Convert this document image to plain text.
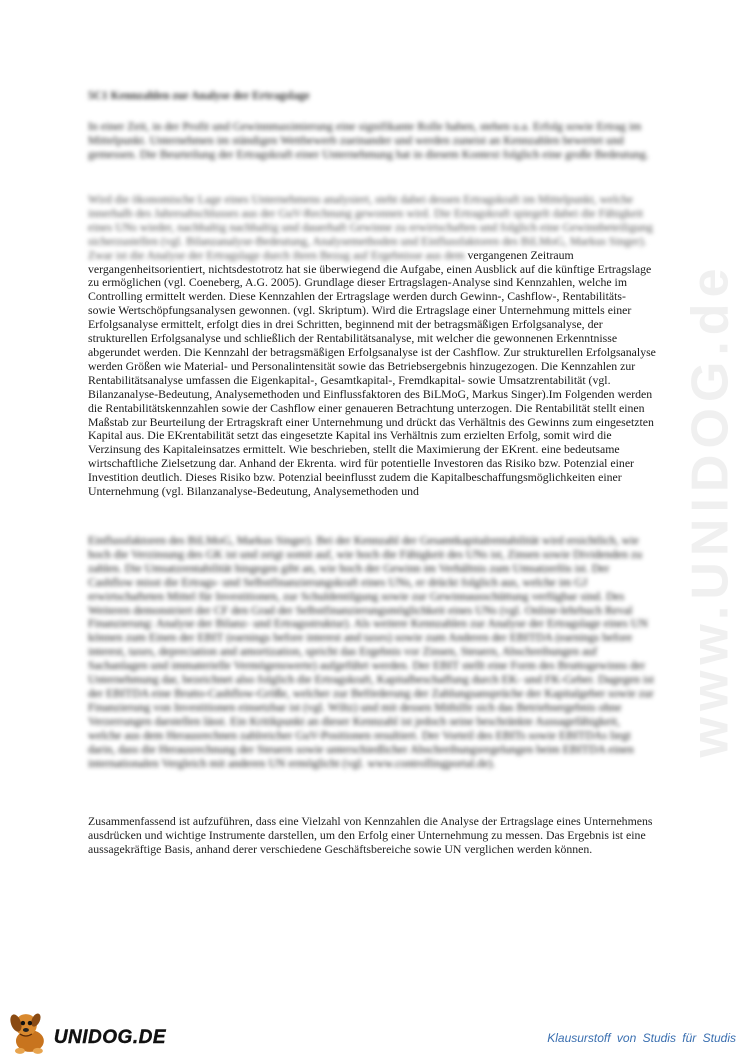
www.UNIDOG.de
5C1 Kennzahlen zur Analyse der Ertragslage

In einer Zeit, in der Profit und Gewinnmaximierung eine signifikante Rolle haben, stehen u.a. Erfolg sowie Ertrag im Mittelpunkt. Unternehmen im ständigen Wettbewerb zueinander und werden zuneist an Kennzahlen bewertet und gemessen. Die Beurteilung der Ertragskraft einer Unternehmung hat in diesem Kontext folglich eine große Bedeutung.

Wird die ökonomische Lage eines Unternehmens analysiert, steht dabei dessen Ertragskraft im Mittelpunkt, welche innerhalb des Jahresabschlusses aus der GuV-Rechnung gewonnen wird. Die Ertragskraft spiegelt dabei die Fähigkeit eines UNs wieder, nachhaltig nachhaltig und dauerhaft Gewinne zu erwirtschaften und folglich eine Gewinnbeteiligung sicherzustellen (vgl. Bilanzanalyse-Bedeutung, Analysemethoden und Einflussfaktoren des BiLMoG, Markus Singer). Zwar ist die Analyse der Ertragslage durch ihren Bezug auf Ergebnisse aus dem vergangenen Zeitraum vergangenheitsorientiert, nichtsdestotrotz hat sie überwiegend die Aufgabe, einen Ausblick auf die künftige Ertragslage zu ermöglichen (vgl. Coeneberg, A.G. 2005). Grundlage dieser Ertragslagen-Analyse sind Kennzahlen, welche im Controlling ermittelt werden. Diese Kennzahlen der Ertragslage werden durch Gewinn-, Cashflow-, Rentabilitäts- sowie Wertschöpfungsanalysen gewonnen. (vgl. Skriptum). Wird die Ertragslage einer Unternehmung mittels einer Erfolgsanalyse ermittelt, erfolgt dies in drei Schritten, beginnend mit der betragsmäßigen Erfolgsanalyse, der strukturellen Erfolgsanalyse und schließlich der Rentabilitätsanalyse, mit welcher die gewonnenen Erkenntnisse abgerundet werden. Die Kennzahl der betragsmäßigen Erfolgsanalyse ist der Cashflow. Zur strukturellen Erfolgsanalyse werden Größen wie Material- und Personalintensität sowie das Betriebsergebnis hinzugezogen. Die Kennzahlen zur Rentabilitätsanalyse umfassen die Eigenkapital-, Gesamtkapital-, Fremdkapital- sowie Umsatzrentabilität (vgl. Bilanzanalyse-Bedeutung, Analysemethoden und Einflussfaktoren des BiLMoG, Markus Singer).Im Folgenden werden die Rentabilitätskennzahlen sowie der Cashflow einer genaueren Betrachtung unterzogen. Die Rentabilität stellt einen Maßstab zur Beurteilung der Ertragskraft einer Unternehmung und drückt das Verhältnis des Gewinns zum eingesetzten Kapital aus. Die EKrentabilität setzt das eingesetzte Kapital ins Verhältnis zum erzielten Erfolg, somit wird die Verzinsung des Kapitaleinsatzes ermittelt. Wie beschrieben, stellt die Maximierung der EKrent. eine bedeutsame wirtschaftliche Zielsetzung dar. Anhand der Ekrenta. wird für potentielle Investoren das Risiko bzw. Potenzial einer Investition deutlich. Dieses Risiko bzw. Potenzial beeinflusst zudem die Kapitalbeschaffungsmöglichkeiten einer Unternehmung (vgl. Bilanzanalyse-Bedeutung, Analysemethoden und

Einflussfaktoren des BiLMoG, Markus Singer). Bei der Kennzahl der Gesamtkapitalrentabilität wird ersichtlich, wie hoch die Verzinsung des GK ist und zeigt somit auf, wie hoch die Fähigkeit des UNs ist, Zinsen sowie Dividenden zu zahlen. Die Umsatzrentabilität hingegen gibt an, wie hoch der Gewinn im Verhältnis zum Umsatzerlös ist. Der Cashflow misst die Ertrags- und Selbstfinanzierungskraft eines UNs, er drückt folglich aus, welche im GJ erwirtschafteten Mittel für Investitionen, zur Schuldentilgung sowie zur Gewinnausschüttung verfügbar sind. Des Weiteren demonstriert der CF den Grad der Selbstfinanzierungsmöglichkeit eines UNs (vgl. Online-lehrbuch Reval Finanzierung: Analyse der Bilanz- und Ertragsstruktur). Als weitere Kennzahlen zur Analyse der Ertragslage eines UN können zum Einen der EBIT (earnings before interest and taxes) sowie zum Anderen der EBITDA (earnings before interest, taxes, depreciation and amortization, spricht das Ergebnis vor Zinsen, Steuern, Abschreibungen auf Sachanlagen und immaterielle Vermögenswerte) aufgeführt werden. Der EBIT stellt eine Form des Bruttogewinns der Unternehmung dar, bezeichnet also folglich die Ertragskraft, Kapitalbeschaffung durch EK- und FK-Geber. Dagegen ist der EBITDA eine Brutto-Cashflow-Größe, welcher zur Beförderung der Zahlungsansprüche der Kapitalgeber sowie zur Finanzierung von Investitionen einsetzbar ist (vgl. Wiltz) und mit dessen Mithilfe sich das Betriebsergebnis ohne Verzerrungen darstellen lässt. Ein Kritikpunkt an dieser Kennzahl ist jedoch seine beschränkte Aussagefähigkeit, welche aus dem Herausrechnen zahlreicher GuV-Positionen resultiert. Der Vorteil des EBITs sowie EBITDAs liegt darin, dass die Herausrechnung der Steuern sowie unterschiedlicher Abschreibungsregelungen beim EBITDA einen internationalen Vergleich mit anderen UN ermöglicht (vgl. www.controllingportal.de).

Zusammenfassend ist aufzuführen, dass eine Vielzahl von Kennzahlen die Analyse der Ertragslage eines Unternehmens ausdrücken und wichtige Instrumente darstellen, um den Erfolg einer Unternehmung zu messen. Das Ergebnis ist eine aussagekräftige Basis, anhand derer verschiedene Geschäftsbereiche sowie UN verglichen werden können.

UNIDOG.DE	Klausurstoff von Studis für Studis
